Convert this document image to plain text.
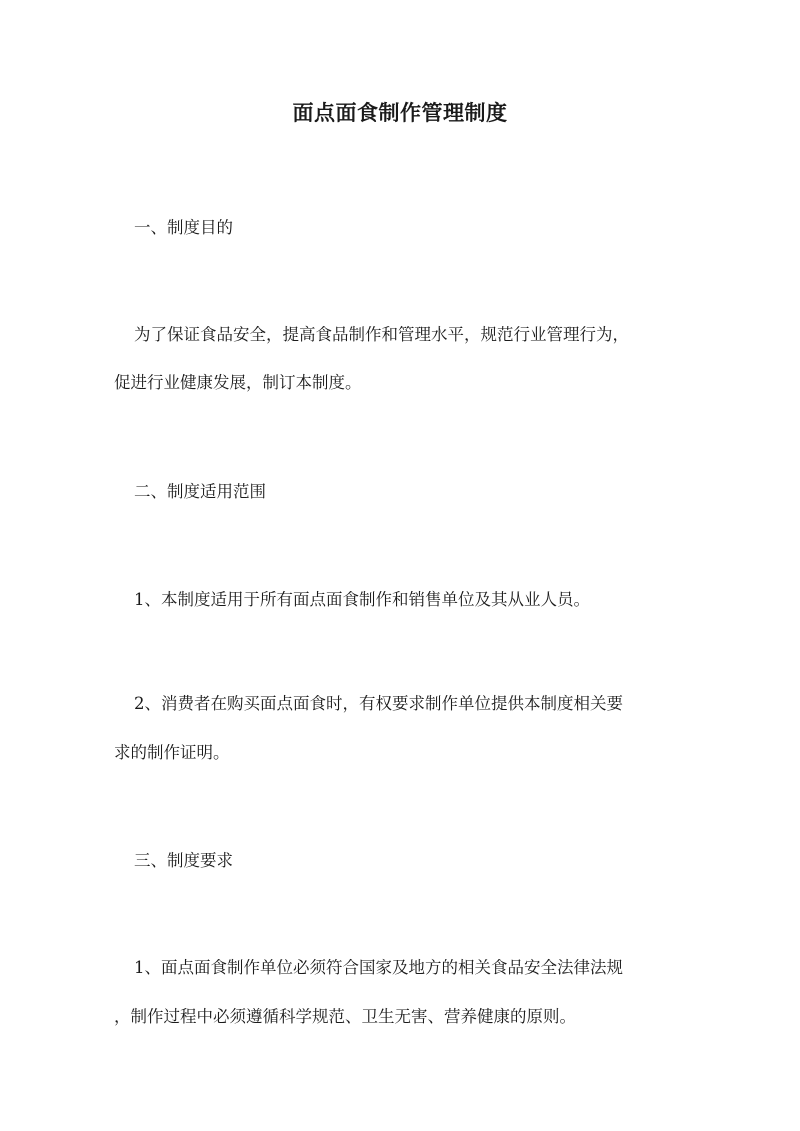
面点面食制作管理制度
一、制度目的
为了保证食品安全，提高食品制作和管理水平，规范行业管理行为，
促进行业健康发展，制订本制度。
二、制度适用范围
1、本制度适用于所有面点面食制作和销售单位及其从业人员。
2、消费者在购买面点面食时，有权要求制作单位提供本制度相关要
求的制作证明。
三、制度要求
1、面点面食制作单位必须符合国家及地方的相关食品安全法律法规
，制作过程中必须遵循科学规范、卫生无害、营养健康的原则。
